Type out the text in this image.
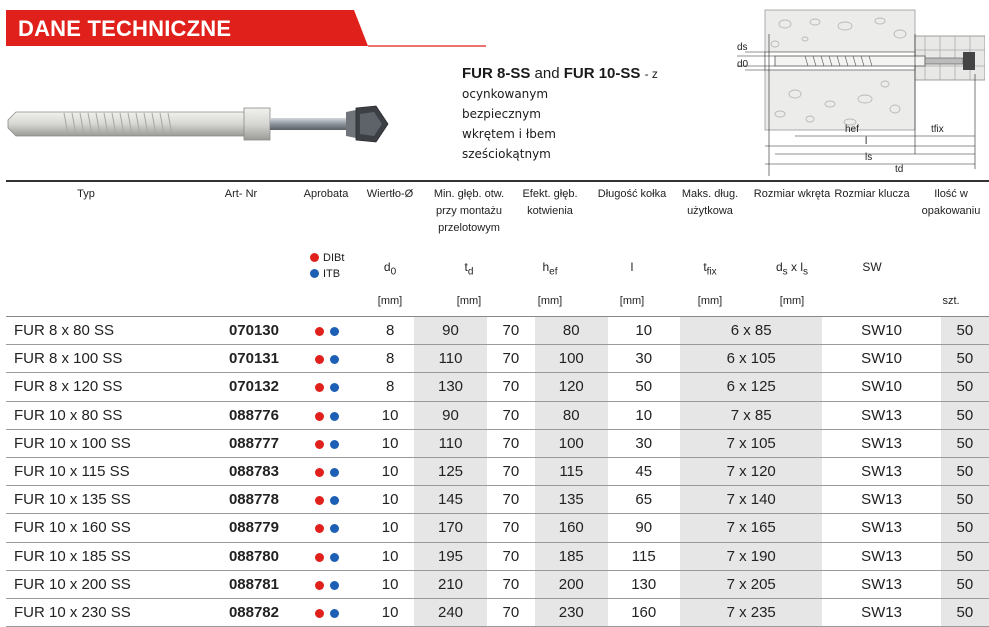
DANE TECHNICZNE
FUR 8-SS and FUR 10-SS - z
ocynkowanym bezpiecznym wkrętem i łbem sześciokątnym
ds
d0
hef	tfix
l
ls
td
Typ	Art- Nr	Aprobata	Wiertło-Ø	Min. głęb. otw. przy montażu przelotowym
Efekt. głęb. kotwienia
Długość kołka	Maks. dług. użytkowa
Rozmiar wkręta Rozmiar klucza	Ilość w opakowaniu
DIBt
ITB	$d_0$	$t_d$	$h_{ef}$	l	$t_{fix}$	$d_s$ x $l_s$	SW
[mm]	[mm]	[mm]	[mm]	[mm]	[mm]	szt.
FUR 8 x 80 SS	070130		8	90	70	80	10	6 x 85	SW10	50
FUR 8 x 100 SS	070131		8	110	70	100	30	6 x 105	SW10	50
FUR 8 x 120 SS	070132		8	130	70	120	50	6 x 125	SW10	50
FUR 10 x 80 SS	088776		10	90	70	80	10	7 x 85	SW13	50
FUR 10 x 100 SS	088777		10	110	70	100	30	7 x 105	SW13	50
FUR 10 x 115 SS	088783		10	125	70	115	45	7 x 120	SW13	50
FUR 10 x 135 SS	088778		10	145	70	135	65	7 x 140	SW13	50
FUR 10 x 160 SS	088779		10	170	70	160	90	7 x 165	SW13	50
FUR 10 x 185 SS	088780		10	195	70	185	115	7 x 190	SW13	50
FUR 10 x 200 SS	088781		10	210	70	200	130	7 x 205	SW13	50
FUR 10 x 230 SS	088782		10	240	70	230	160	7 x 235	SW13	50
